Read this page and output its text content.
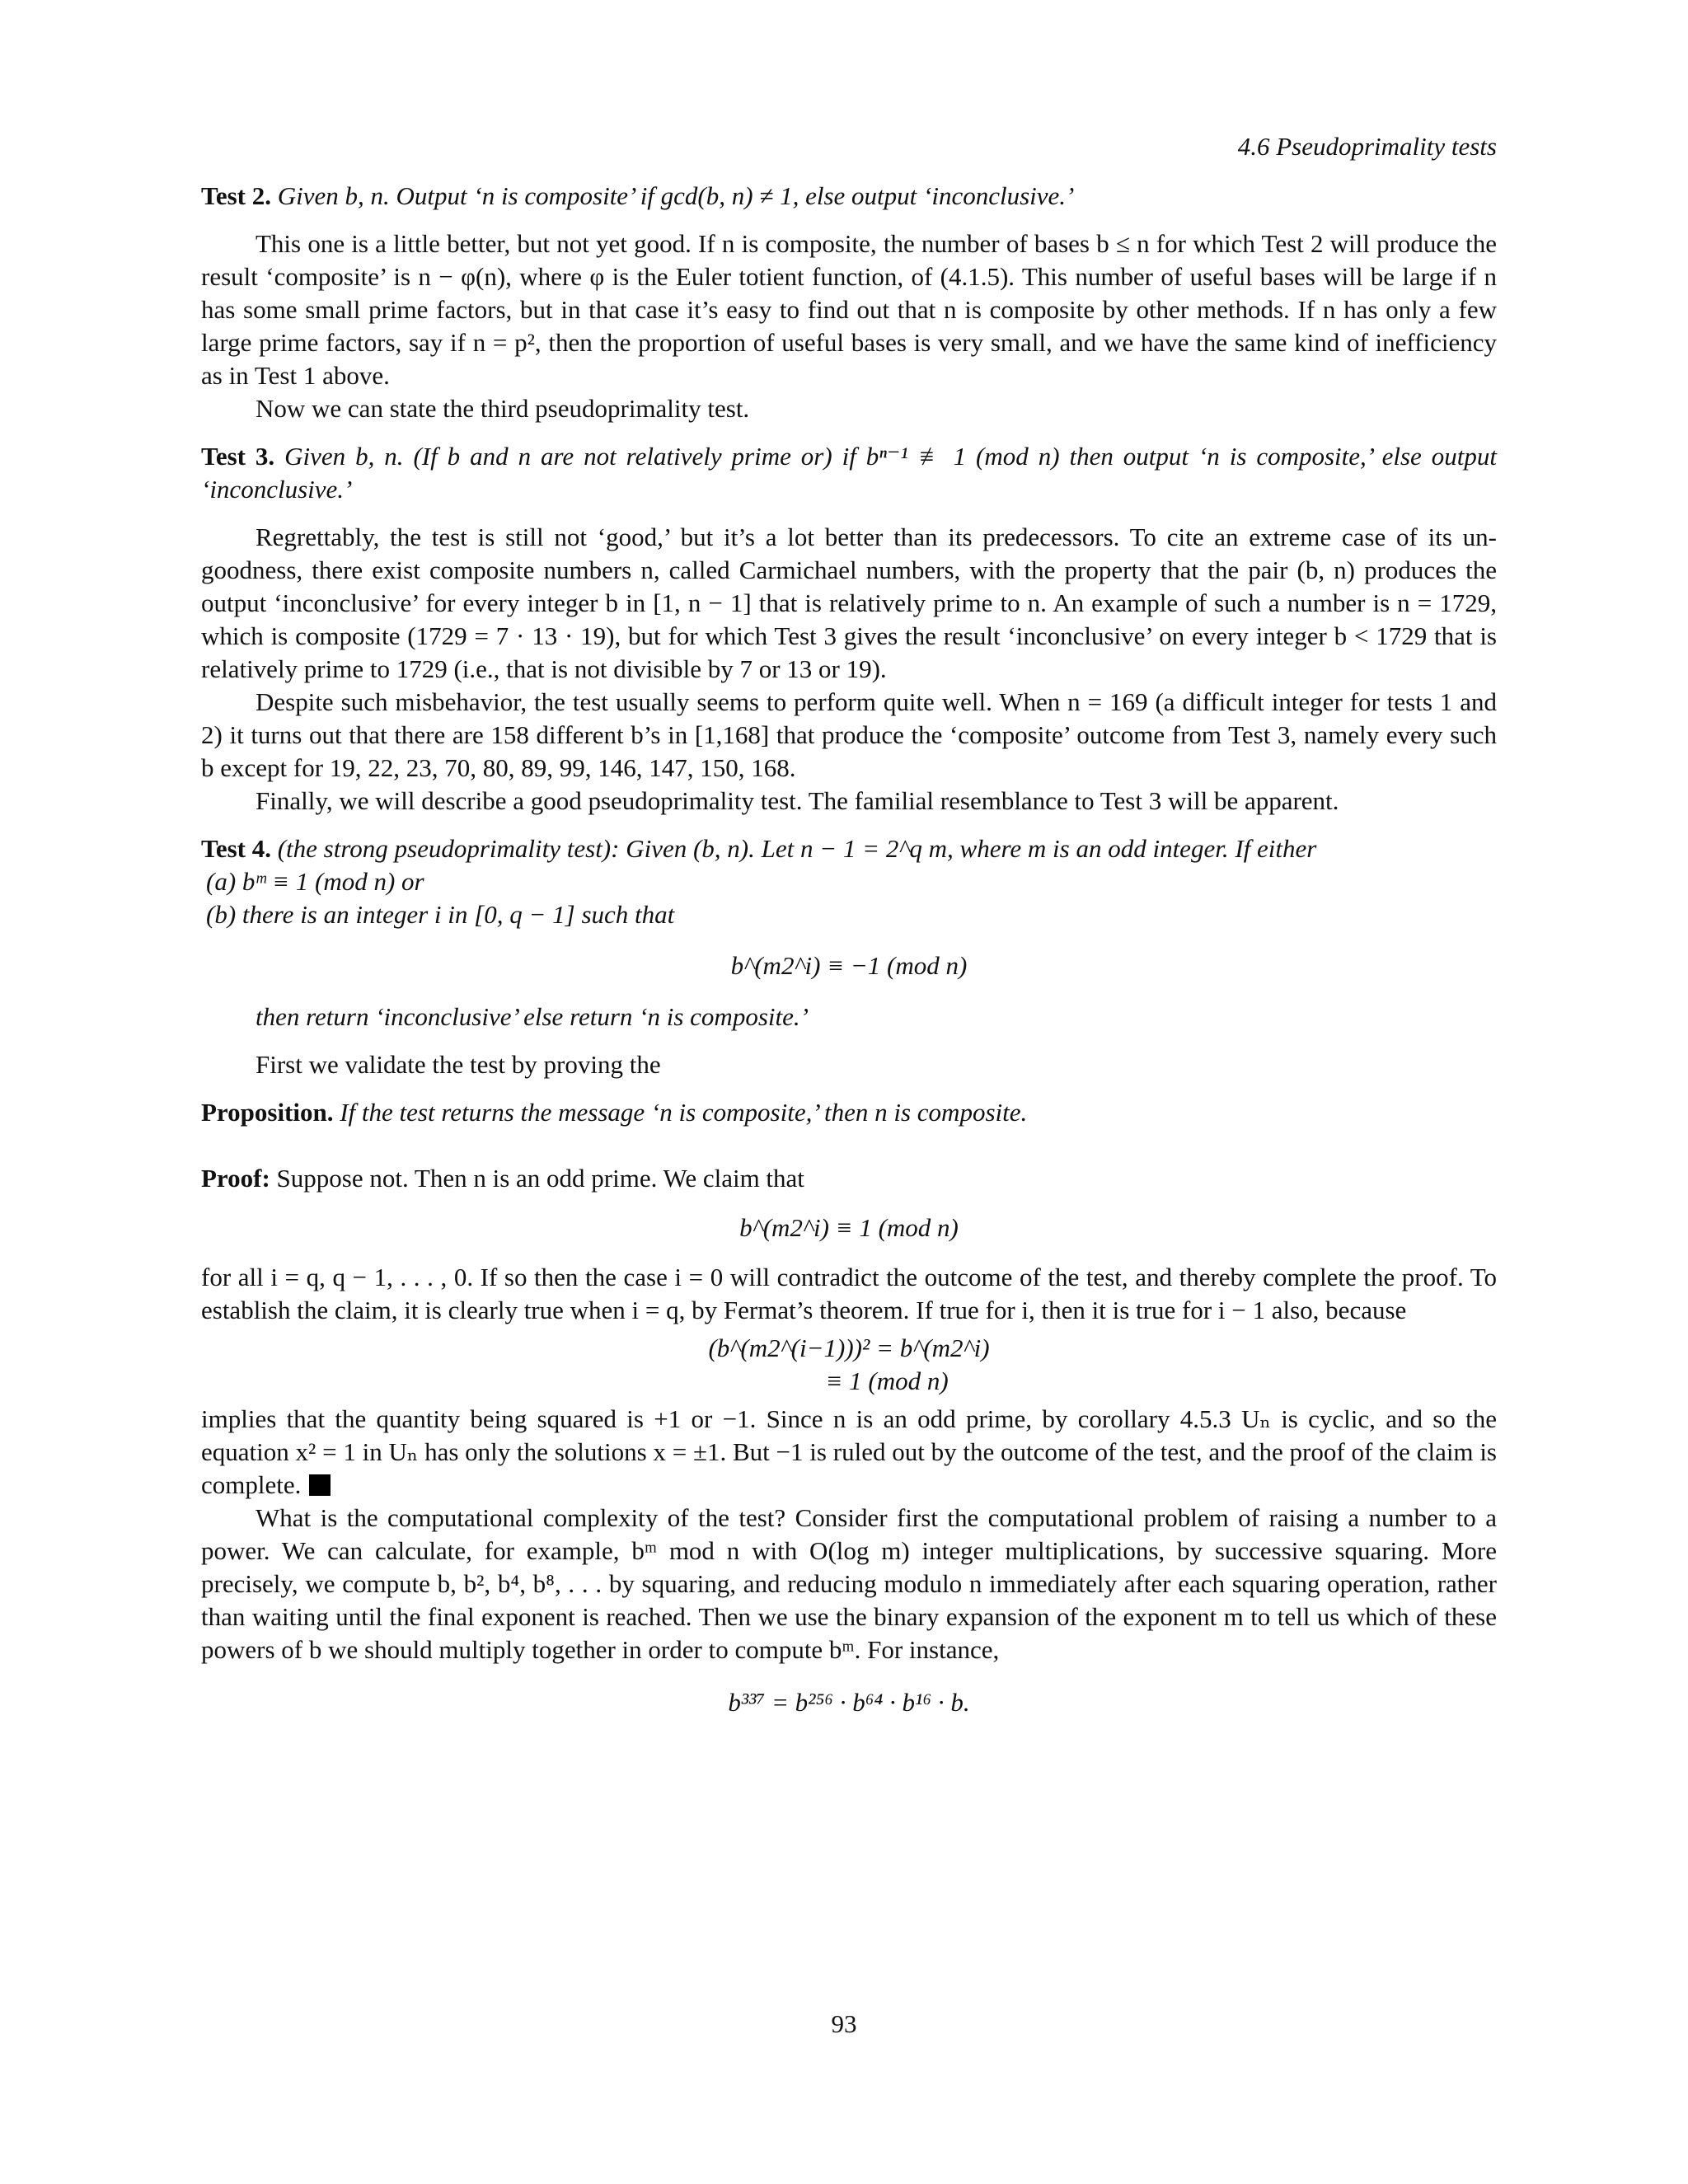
4.6 Pseudoprimality tests

Test 2. Given b, n. Output ‘n is composite’ if gcd(b, n) ≠ 1, else output ‘inconclusive.’

This one is a little better, but not yet good. If n is composite, the number of bases b ≤ n for which Test 2 will produce the result ‘composite’ is n − φ(n), where φ is the Euler totient function, of (4.1.5). This number of useful bases will be large if n has some small prime factors, but in that case it’s easy to find out that n is composite by other methods. If n has only a few large prime factors, say if n = p², then the proportion of useful bases is very small, and we have the same kind of inefficiency as in Test 1 above.

Now we can state the third pseudoprimality test.

Test 3. Given b, n. (If b and n are not relatively prime or) if bⁿ⁻¹ ≢ 1 (mod n) then output ‘n is composite,’ else output ‘inconclusive.’

Regrettably, the test is still not ‘good,’ but it’s a lot better than its predecessors. To cite an extreme case of its un-goodness, there exist composite numbers n, called Carmichael numbers, with the property that the pair (b, n) produces the output ‘inconclusive’ for every integer b in [1, n − 1] that is relatively prime to n. An example of such a number is n = 1729, which is composite (1729 = 7 · 13 · 19), but for which Test 3 gives the result ‘inconclusive’ on every integer b < 1729 that is relatively prime to 1729 (i.e., that is not divisible by 7 or 13 or 19).

Despite such misbehavior, the test usually seems to perform quite well. When n = 169 (a difficult integer for tests 1 and 2) it turns out that there are 158 different b’s in [1,168] that produce the ‘composite’ outcome from Test 3, namely every such b except for 19, 22, 23, 70, 80, 89, 99, 146, 147, 150, 168.

Finally, we will describe a good pseudoprimality test. The familial resemblance to Test 3 will be apparent.

Test 4. (the strong pseudoprimality test): Given (b, n). Let n − 1 = 2^q m, where m is an odd integer. If either

(a) bᵐ ≡ 1 (mod n) or

(b) there is an integer i in [0, q − 1] such that

b^(m2^i) ≡ −1 (mod n)

then return ‘inconclusive’ else return ‘n is composite.’

First we validate the test by proving the

Proposition. If the test returns the message ‘n is composite,’ then n is composite.

Proof: Suppose not. Then n is an odd prime. We claim that

b^(m2^i) ≡ 1 (mod n)

for all i = q, q − 1, . . . , 0. If so then the case i = 0 will contradict the outcome of the test, and thereby complete the proof. To establish the claim, it is clearly true when i = q, by Fermat’s theorem. If true for i, then it is true for i − 1 also, because

(b^(m2^(i−1)))² = b^(m2^i)
≡ 1 (mod n)

implies that the quantity being squared is +1 or −1. Since n is an odd prime, by corollary 4.5.3 Uₙ is cyclic, and so the equation x² = 1 in Uₙ has only the solutions x = ±1. But −1 is ruled out by the outcome of the test, and the proof of the claim is complete.

What is the computational complexity of the test? Consider first the computational problem of raising a number to a power. We can calculate, for example, bᵐ mod n with O(log m) integer multiplications, by successive squaring. More precisely, we compute b, b², b⁴, b⁸, . . . by squaring, and reducing modulo n immediately after each squaring operation, rather than waiting until the final exponent is reached. Then we use the binary expansion of the exponent m to tell us which of these powers of b we should multiply together in order to compute bᵐ. For instance,

b³³⁷ = b²⁵⁶ · b⁶⁴ · b¹⁶ · b.

93
